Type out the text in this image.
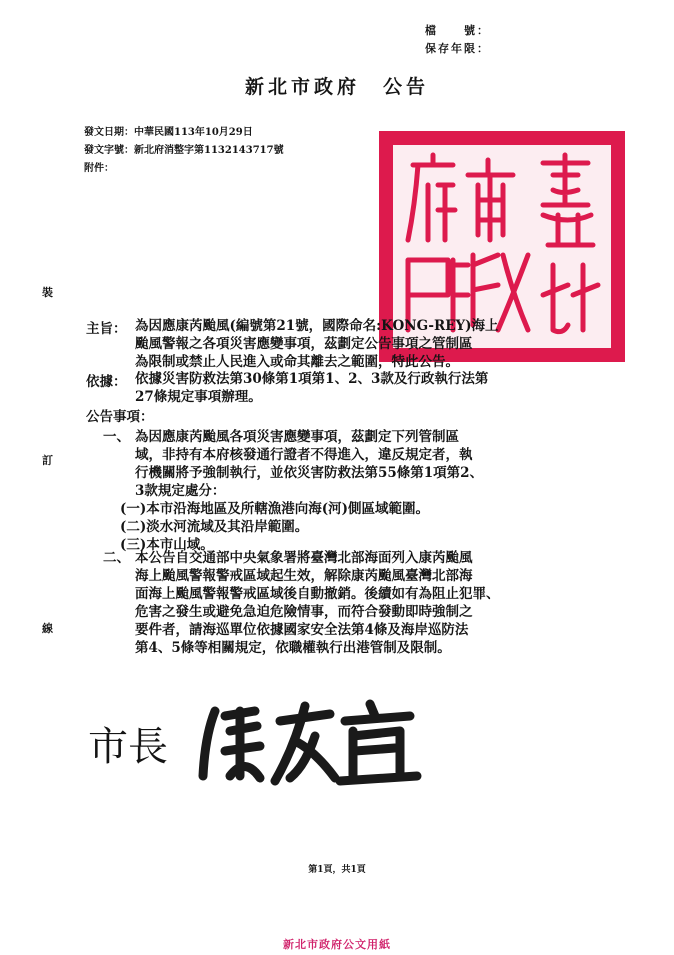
檔　　號：
保存年限：
新北市政府　公告
發文日期：中華民國113年10月29日
發文字號：新北府消整字第1132143717號
附件：
裝
訂
線
主旨： 為因應康芮颱風(編號第21號，國際命名:KONG-REY)海上
颱風警報之各項災害應變事項，茲劃定公告事項之管制區
為限制或禁止人民進入或命其離去之範圍，特此公告。
依據： 依據災害防救法第30條第1項第1、2、3款及行政執行法第
27條規定事項辦理。
公告事項：
一、 為因應康芮颱風各項災害應變事項，茲劃定下列管制區
域，非持有本府核發通行證者不得進入，違反規定者，執
行機關將予強制執行，並依災害防救法第55條第1項第2、
3款規定處分：
(一)本市沿海地區及所轄漁港向海(河)側區域範圍。
(二)淡水河流域及其沿岸範圍。
(三)本市山域。
二、 本公告自交通部中央氣象署將臺灣北部海面列入康芮颱風
海上颱風警報警戒區域起生效，解除康芮颱風臺灣北部海
面海上颱風警報警戒區域後自動撤銷。後續如有為阻止犯罪、
危害之發生或避免急迫危險情事，而符合發動即時強制之
要件者，請海巡單位依據國家安全法第4條及海岸巡防法
第4、5條等相關規定，依職權執行出港管制及限制。
市長
第1頁，共1頁
新北市政府公文用紙
